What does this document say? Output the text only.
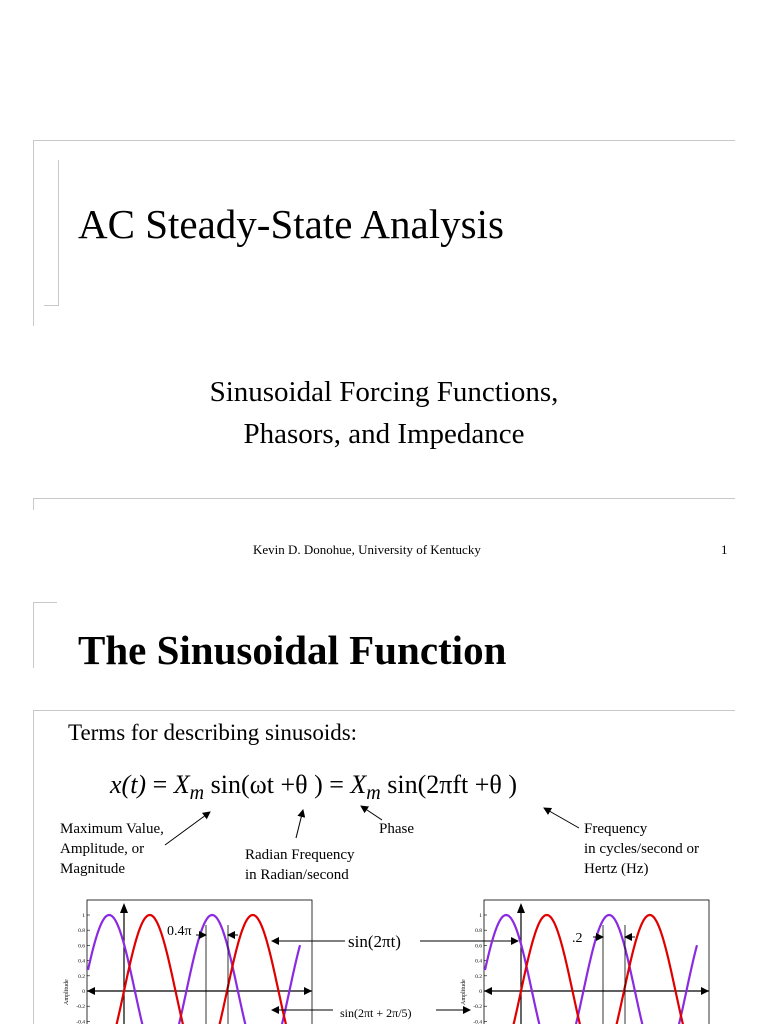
AC Steady-State Analysis
Sinusoidal Forcing Functions,
Phasors, and Impedance
Kevin D. Donohue, University of Kentucky	1
The Sinusoidal Function
Terms for describing sinusoids:
$x(t) = X_m$ sin(ωt +θ ) = $X_m$ sin(2πft +θ )
Maximum Value,
Amplitude, or
Magnitude
Radian Frequency
in Radian/second
Phase	Frequency
in cycles/second or
Hertz (Hz)
1
0.8
0.6
0.4
0.2
0
-0.2
-0.4
Amplitude
0.4π
sin(2πt)
sin(2πt + 2π/5)
1
0.8
0.6
0.4
0.2
0
-0.2
-0.4
Amplitude
.2
